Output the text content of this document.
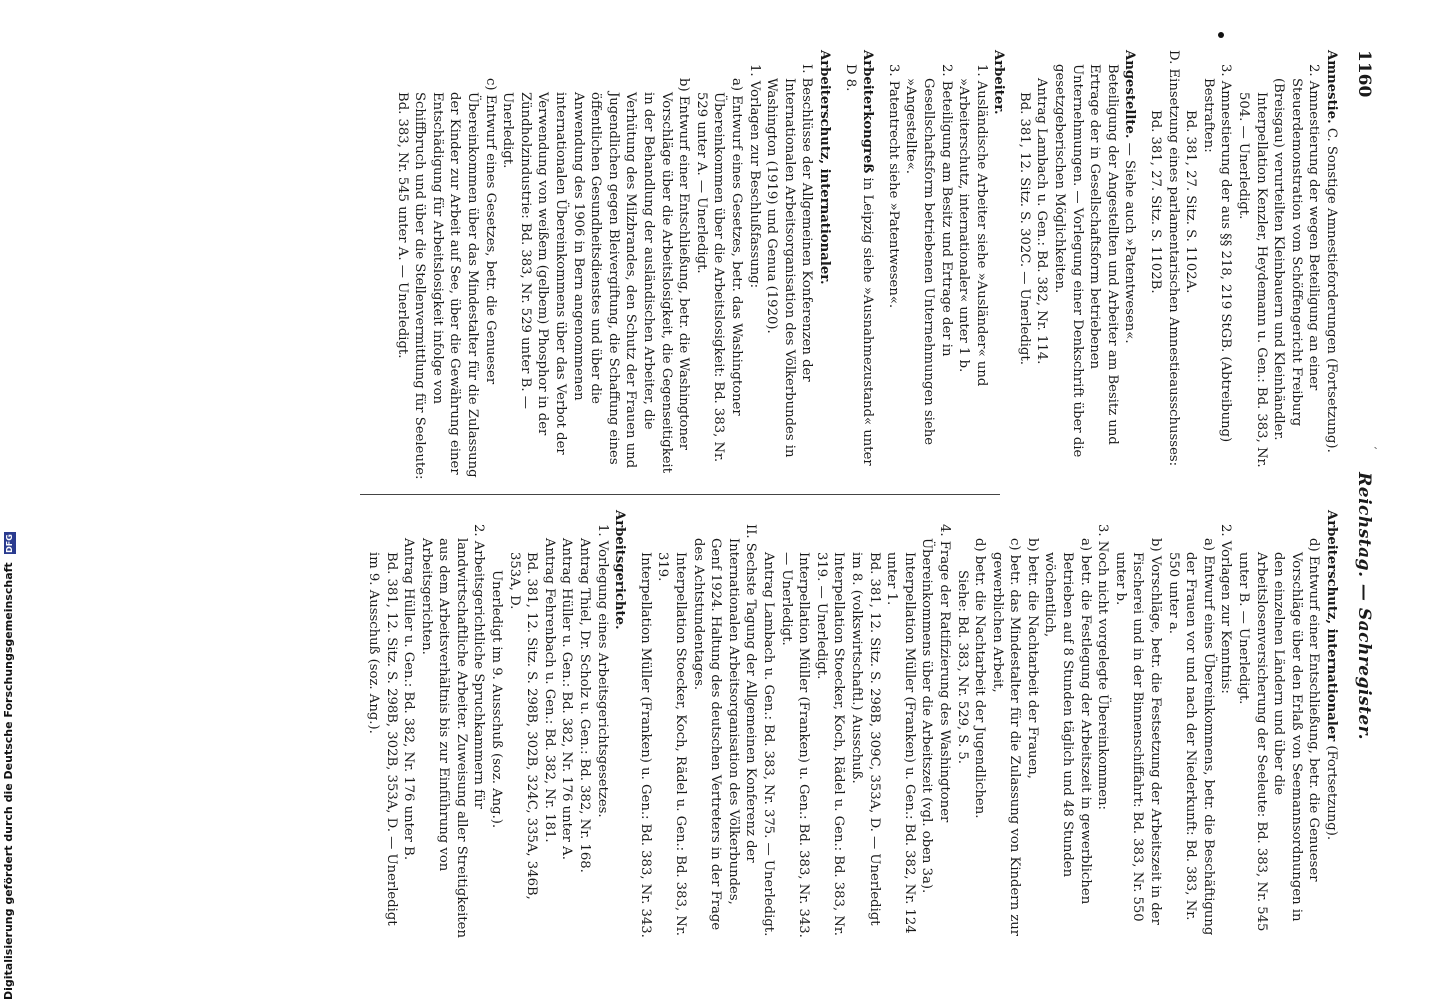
1160
ˊ
Reichstag. — Sachregister.

Amnestie. C. Sonstige Amnestieforderungen (Fortsetzung).

2. Amnestierung der wegen Beteiligung an einer Steuerdemonstration vom Schöffengericht Freiburg (Breisgau) verurteilten Kleinbauern und Kleinhändler.

Interpellation Kenzler, Heydemann u. Gen.: Bd. 383, Nr. 504. — Unerledigt.

3. Amnestierung der aus §§ 218, 219 StGB. (Abtreibung) Bestraften:

Bd. 381, 27. Sitz. S. 1102A.

D. Einsetzung eines parlamentarischen Amnestieausschusses:

Bd. 381, 27. Sitz. S. 1102B.

Angestellte. — Siehe auch »Patentwesen«.

Beteiligung der Angestellten und Arbeiter am Besitz und Ertrage der in Gesellschaftsform betriebenen Unternehmungen. — Vorlegung einer Denkschrift über die gesetzgeberischen Möglichkeiten.

Antrag Lambach u. Gen.: Bd. 382, Nr. 114.

Bd. 381, 12. Sitz. S. 302C. — Unerledigt.

Arbeiter.

1. Ausländische Arbeiter siehe »Ausländer« und »Arbeiterschutz, internationaler« unter 1 b.

2. Beteiligung am Besitz und Ertrage der in Gesellschaftsform betriebenen Unternehmungen siehe »Angestellte«.

3. Patentrecht siehe »Patentwesen«.

Arbeiterkongreß in Leipzig siehe »Ausnahmezustand« unter D 8.

Arbeiterschutz, internationaler.

I. Beschlüsse der Allgemeinen Konferenzen der Internationalen Arbeitsorganisation des Völkerbundes in Washington (1919) und Genua (1920).

1. Vorlagen zur Beschlußfassung:

a) Entwurf eines Gesetzes, betr. das Washingtoner Übereinkommen über die Arbeitslosigkeit: Bd. 383, Nr. 529 unter A. — Unerledigt.

b) Entwurf einer Entschließung, betr. die Washingtoner Vorschläge über die Arbeitslosigkeit, die Gegenseitigkeit in der Behandlung der ausländischen Arbeiter, die Verhütung des Milzbrandes, den Schutz der Frauen und Jugendlichen gegen Bleivergiftung, die Schaffung eines öffentlichen Gesundheitsdienstes und über die Anwendung des 1906 in Bern angenommenen internationalen Übereinkommens über das Verbot der Verwendung von weißem (gelbem) Phosphor in der Zündholzindustrie: Bd. 383, Nr. 529 unter B. — Unerledigt.

c) Entwurf eines Gesetzes, betr. die Genueser Übereinkommen über das Mindestalter für die Zulassung der Kinder zur Arbeit auf See, über die Gewährung einer Entschädigung für Arbeitslosigkeit infolge von Schiffbruch und über die Stellenvermittlung für Seeleute: Bd. 383, Nr. 545 unter A. — Unerledigt.

Arbeiterschutz, internationaler (Fortsetzung).

d) Entwurf einer Entschließung, betr. die Genueser Vorschläge über den Erlaß von Seemannsordnungen in den einzelnen Ländern und über die Arbeitslosenversicherung der Seeleute: Bd. 383, Nr. 545 unter B. — Unerledigt.

2. Vorlagen zur Kenntnis:

a) Entwurf eines Übereinkommens, betr. die Beschäftigung der Frauen vor und nach der Niederkunft: Bd. 383, Nr. 550 unter a.

b) Vorschläge, betr. die Festsetzung der Arbeitszeit in der Fischerei und in der Binnenschiffahrt: Bd. 383, Nr. 550 unter b.

3. Noch nicht vorgelegte Übereinkommen:

a) betr. die Festlegung der Arbeitszeit in gewerblichen Betrieben auf 8 Stunden täglich und 48 Stunden wöchentlich,

b) betr. die Nachtarbeit der Frauen,

c) betr. das Mindestalter für die Zulassung von Kindern zur gewerblichen Arbeit,

d) betr. die Nachtarbeit der Jugendlichen.

Siehe: Bd. 383, Nr. 529, S. 5.

4. Frage der Ratifizierung des Washingtoner Übereinkommens über die Arbeitszeit (vgl. oben 3a).

Interpellation Müller (Franken) u. Gen.: Bd. 382, Nr. 124 unter 1.

Bd. 381, 12. Sitz. S. 298B, 309C, 353A, D. — Unerledigt im 8. (volkswirtschaftl.) Ausschuß.

Interpellation Stoecker, Koch, Rädel u. Gen.: Bd. 383, Nr. 319. — Unerledigt.

Interpellation Müller (Franken) u. Gen.: Bd. 383, Nr. 343. — Unerledigt.

Antrag Lambach u. Gen.: Bd. 383, Nr. 375. — Unerledigt.

II. Sechste Tagung der Allgemeinen Konferenz der Internationalen Arbeitsorganisation des Völkerbundes, Genf 1924. Haltung des deutschen Vertreters in der Frage des Achtstundentages.

Interpellation Stoecker, Koch, Rädel u. Gen.: Bd. 383, Nr. 319.

Interpellation Müller (Franken) u. Gen.: Bd. 383, Nr. 343.

Arbeitsgerichte.

1. Vorlegung eines Arbeitsgerichtsgesetzes.

Antrag Thiel, Dr. Scholz u. Gen.: Bd. 382, Nr. 168.

Antrag Hüller u. Gen.: Bd. 382, Nr. 176 unter A.

Antrag Fehrenbach u. Gen.: Bd. 382, Nr. 181.

Bd. 381, 12. Sitz. S. 298B, 302B, 324C, 335A, 346B, 353A, D.

Unerledigt im 9. Ausschuß (soz. Ang.).

2. Arbeitsgerichtliche Spruchkammern für landwirtschaftliche Arbeiter. Zuweisung aller Streitigkeiten aus dem Arbeitsverhältnis bis zur Einführung von Arbeitsgerichten.

Antrag Hüller u. Gen.: Bd. 382, Nr. 176 unter B.

Bd. 381, 12. Sitz. S. 298B, 302B, 353A, D. — Unerledigt im 9. Ausschuß (soz. Ang.).

Digitalisierung gefördert durch die Deutsche Forschungsgemeinschaft DFG
